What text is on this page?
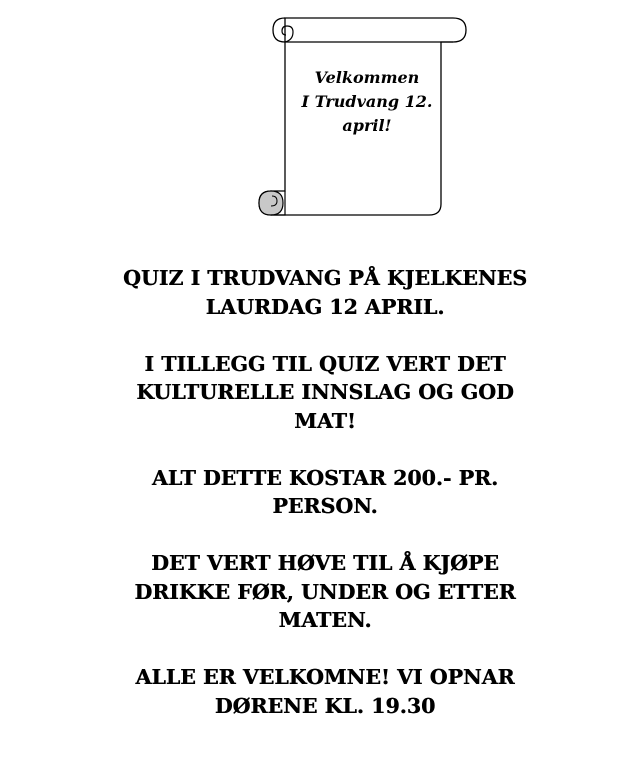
Velkommen
I Trudvang 12.
april!
QUIZ I TRUDVANG PÅ KJELKENES
LAURDAG 12 APRIL.
I TILLEGG TIL QUIZ VERT DET
KULTURELLE INNSLAG OG GOD
MAT!
ALT DETTE KOSTAR 200.- PR.
PERSON.
DET VERT HØVE TIL Å KJØPE
DRIKKE FØR, UNDER OG ETTER
MATEN.
ALLE ER VELKOMNE! VI OPNAR
DØRENE KL. 19.30
